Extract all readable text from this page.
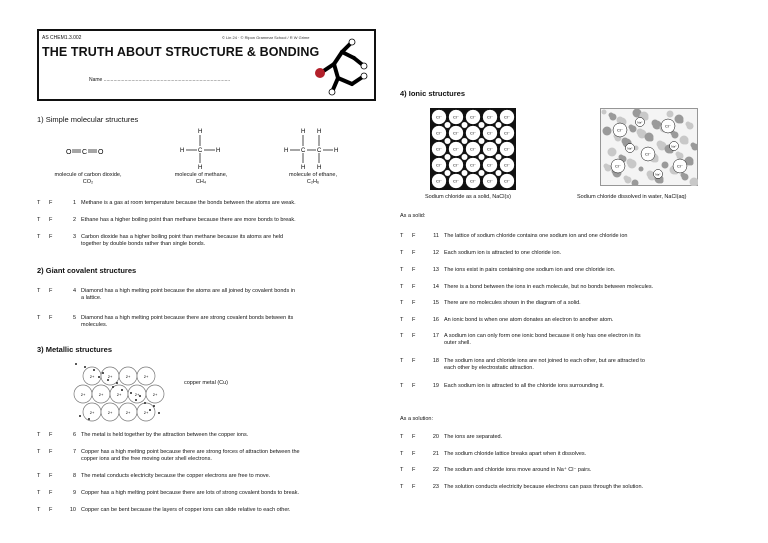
AS CHEM1.3.002	© Lin 24 · © Ripon Grammar School / R W Grime
THE TRUTH ABOUT STRUCTURE & BONDING
Name ...........................................................................................
1) Simple molecular structures
O C O
molecule of carbon dioxide,
CO₂
H
H C H
H
molecule of methane,
CH₄
H H
H C C H
H H
molecule of ethane,
C₂H₆
2) Giant covalent structures
3) Metallic structures
2+	2+	2+	2+
2+	2+	2+	2+	2+
2+	2+	2+	2+
copper metal (Cu)
4) Ionic structures
Cl⁻	Cl⁻	Cl⁻	Cl⁻	Cl⁻
Cl⁻	Cl⁻	Cl⁻	Cl⁻	Cl⁻
Cl⁻	Cl⁻	Cl⁻	Cl⁻	Cl⁻
Cl⁻	Cl⁻	Cl⁻	Cl⁻	Cl⁻
Cl⁻	Cl⁻	Cl⁻	Cl⁻	Cl⁻
Cl⁻
Cl⁻
Cl⁻
Cl⁻	Cl⁻
Na⁺
Na⁺
Na⁺
Na⁺
Sodium chloride as a solid, NaCl(s)	Sodium chloride dissolved in water, NaCl(aq)
As a solid:
As a solution:
T F	1 Methane is a gas at room temperature because the bonds between the atoms are weak.
T F	2 Ethane has a higher boiling point than methane because there are more bonds to break.
T F	3 Carbon dioxide has a higher boiling point than methane because its atoms are held
together by double bonds rather than single bonds.
T F	4 Diamond has a high melting point because the atoms are all joined by covalent bonds in
a lattice.
T F	5 Diamond has a high melting point because there are strong covalent bonds between its
molecules.
T F	6 The metal is held together by the attraction between the copper ions.
T F	7 Copper has a high melting point because there are strong forces of attraction between the
copper ions and the free moving outer shell electrons.
T F	8 The metal conducts electricity because the copper electrons are free to move.
T F	9 Copper has a high melting point because there are lots of strong covalent bonds to break.
T F	10 Copper can be bent because the layers of copper ions can slide relative to each other.
T F	11 The lattice of sodium chloride contains one sodium ion and one chloride ion
T F	12 Each sodium ion is attracted to one chloride ion.
T F	13 The ions exist in pairs containing one sodium ion and one chloride ion.
T F	14 There is a bond between the ions in each molecule, but no bonds between molecules.
T F	15 There are no molecules shown in the diagram of a solid.
T F	16 An ionic bond is when one atom donates an electron to another atom.
T F	17 A sodium ion can only form one ionic bond because it only has one electron in its
outer shell.
T F	18 The sodium ions and chloride ions are not joined to each other, but are attracted to
each other by electrostatic attraction.
T F	19 Each sodium ion is attracted to all the chloride ions surrounding it.
T F	20 The ions are separated.
T F	21 The sodium chloride lattice breaks apart when it dissolves.
T F	22 The sodium and chloride ions move around in Na⁺ Cl⁻ pairs.
T F	23 The solution conducts electricity because electrons can pass through the solution.
